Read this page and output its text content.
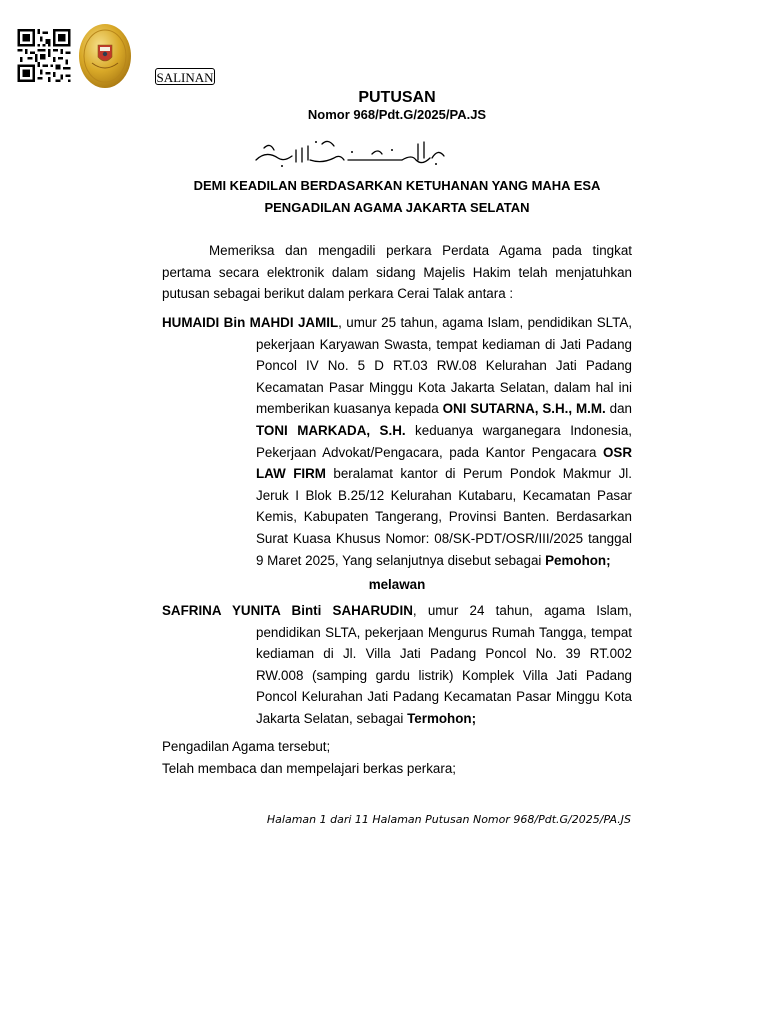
SALINAN
PUTUSAN
Nomor 968/Pdt.G/2025/PA.JS
DEMI KEADILAN BERDASARKAN KETUHANAN YANG MAHA ESA
PENGADILAN AGAMA JAKARTA SELATAN

Memeriksa dan mengadili perkara Perdata Agama pada tingkat pertama secara elektronik dalam sidang Majelis Hakim telah menjatuhkan putusan sebagai berikut dalam perkara Cerai Talak antara :

HUMAIDI Bin MAHDI JAMIL, umur 25 tahun, agama Islam, pendidikan SLTA, pekerjaan Karyawan Swasta, tempat kediaman di Jati Padang Poncol IV No. 5 D RT.03 RW.08 Kelurahan Jati Padang Kecamatan Pasar Minggu Kota Jakarta Selatan, dalam hal ini memberikan kuasanya kepada ONI SUTARNA, S.H., M.M. dan TONI MARKADA, S.H. keduanya warganegara Indonesia, Pekerjaan Advokat/Pengacara, pada Kantor Pengacara OSR LAW FIRM beralamat kantor di Perum Pondok Makmur Jl. Jeruk I Blok B.25/12 Kelurahan Kutabaru, Kecamatan Pasar Kemis, Kabupaten Tangerang, Provinsi Banten. Berdasarkan Surat Kuasa Khusus Nomor: 08/SK-PDT/OSR/III/2025 tanggal 9 Maret 2025, Yang selanjutnya disebut sebagai Pemohon;
melawan
SAFRINA YUNITA Binti SAHARUDIN, umur 24 tahun, agama Islam, pendidikan SLTA, pekerjaan Mengurus Rumah Tangga, tempat kediaman di Jl. Villa Jati Padang Poncol No. 39 RT.002 RW.008 (samping gardu listrik) Komplek Villa Jati Padang Poncol Kelurahan Jati Padang Kecamatan Pasar Minggu Kota Jakarta Selatan, sebagai Termohon;
Pengadilan Agama tersebut;
Telah membaca dan mempelajari berkas perkara;
Halaman 1 dari 11 Halaman Putusan Nomor 968/Pdt.G/2025/PA.JS
